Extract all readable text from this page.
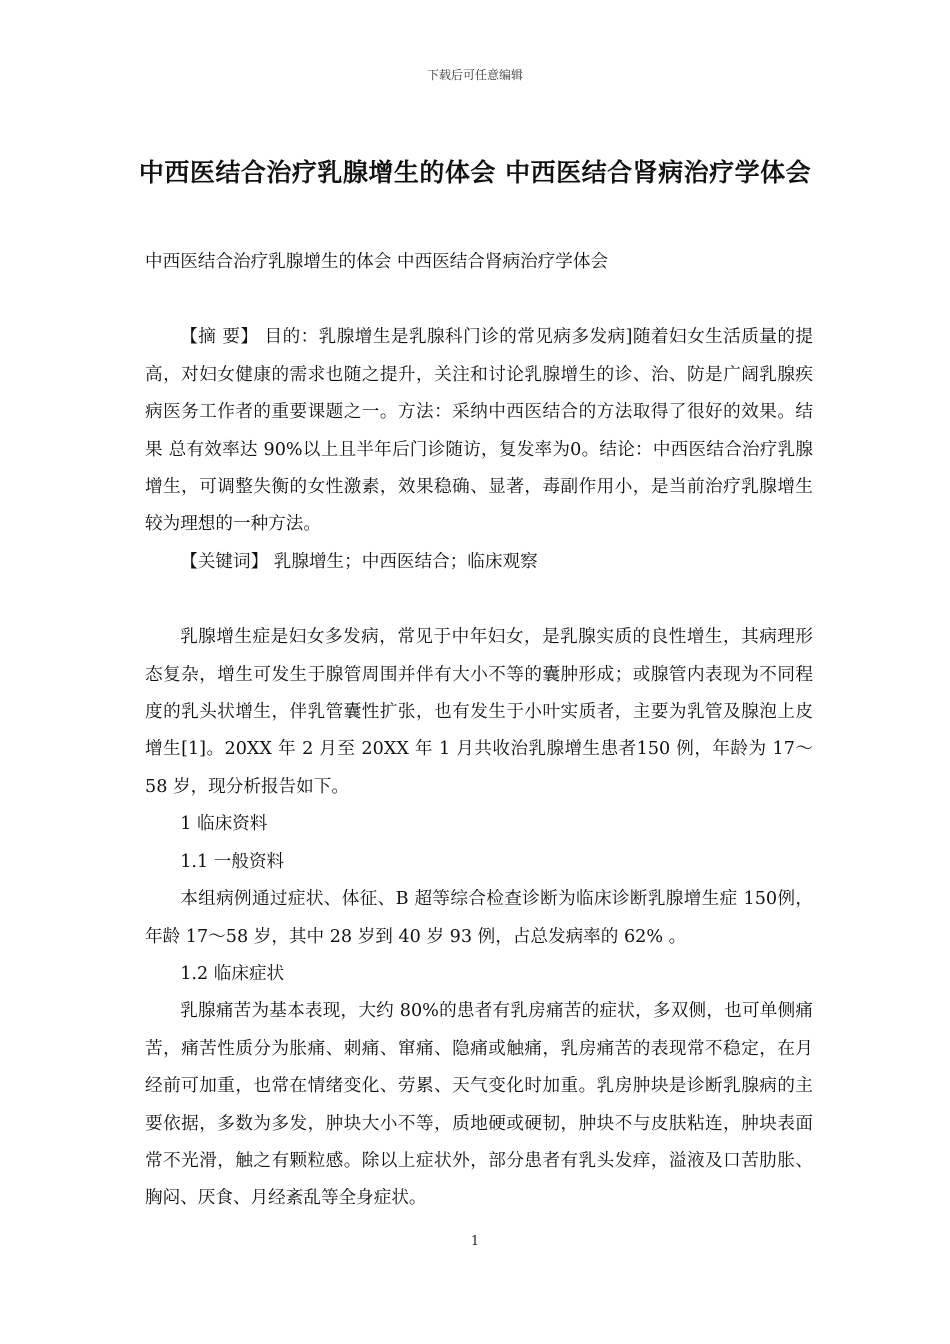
下载后可任意编辑
中西医结合治疗乳腺增生的体会 中西医结合肾病治疗学体会

中西医结合治疗乳腺增生的体会 中西医结合肾病治疗学体会

【摘 要】 目的：乳腺增生是乳腺科门诊的常见病多发病]随着妇女生活质量的提高，对妇女健康的需求也随之提升，关注和讨论乳腺增生的诊、治、防是广阔乳腺疾病医务工作者的重要课题之一。方法：采纳中西医结合的方法取得了很好的效果。结果 总有效率达 90%以上且半年后门诊随访，复发率为0。结论：中西医结合治疗乳腺增生，可调整失衡的女性激素，效果稳确、显著，毒副作用小，是当前治疗乳腺增生较为理想的一种方法。

【关键词】 乳腺增生；中西医结合；临床观察

乳腺增生症是妇女多发病，常见于中年妇女，是乳腺实质的良性增生，其病理形态复杂，增生可发生于腺管周围并伴有大小不等的囊肿形成；或腺管内表现为不同程度的乳头状增生，伴乳管囊性扩张，也有发生于小叶实质者，主要为乳管及腺泡上皮增生[1]。20XX 年 2 月至 20XX 年 1 月共收治乳腺增生患者150 例，年龄为 17～58 岁，现分析报告如下。

1 临床资料

1.1 一般资料

本组病例通过症状、体征、B 超等综合检查诊断为临床诊断乳腺增生症 150例，年龄 17～58 岁，其中 28 岁到 40 岁 93 例，占总发病率的 62% 。

1.2 临床症状

乳腺痛苦为基本表现，大约 80%的患者有乳房痛苦的症状，多双侧，也可单侧痛苦，痛苦性质分为胀痛、刺痛、窜痛、隐痛或触痛，乳房痛苦的表现常不稳定，在月经前可加重，也常在情绪变化、劳累、天气变化时加重。乳房肿块是诊断乳腺病的主要依据，多数为多发，肿块大小不等，质地硬或硬韧，肿块不与皮肤粘连，肿块表面常不光滑，触之有颗粒感。除以上症状外，部分患者有乳头发痒，溢液及口苦肋胀、胸闷、厌食、月经紊乱等全身症状。

1
